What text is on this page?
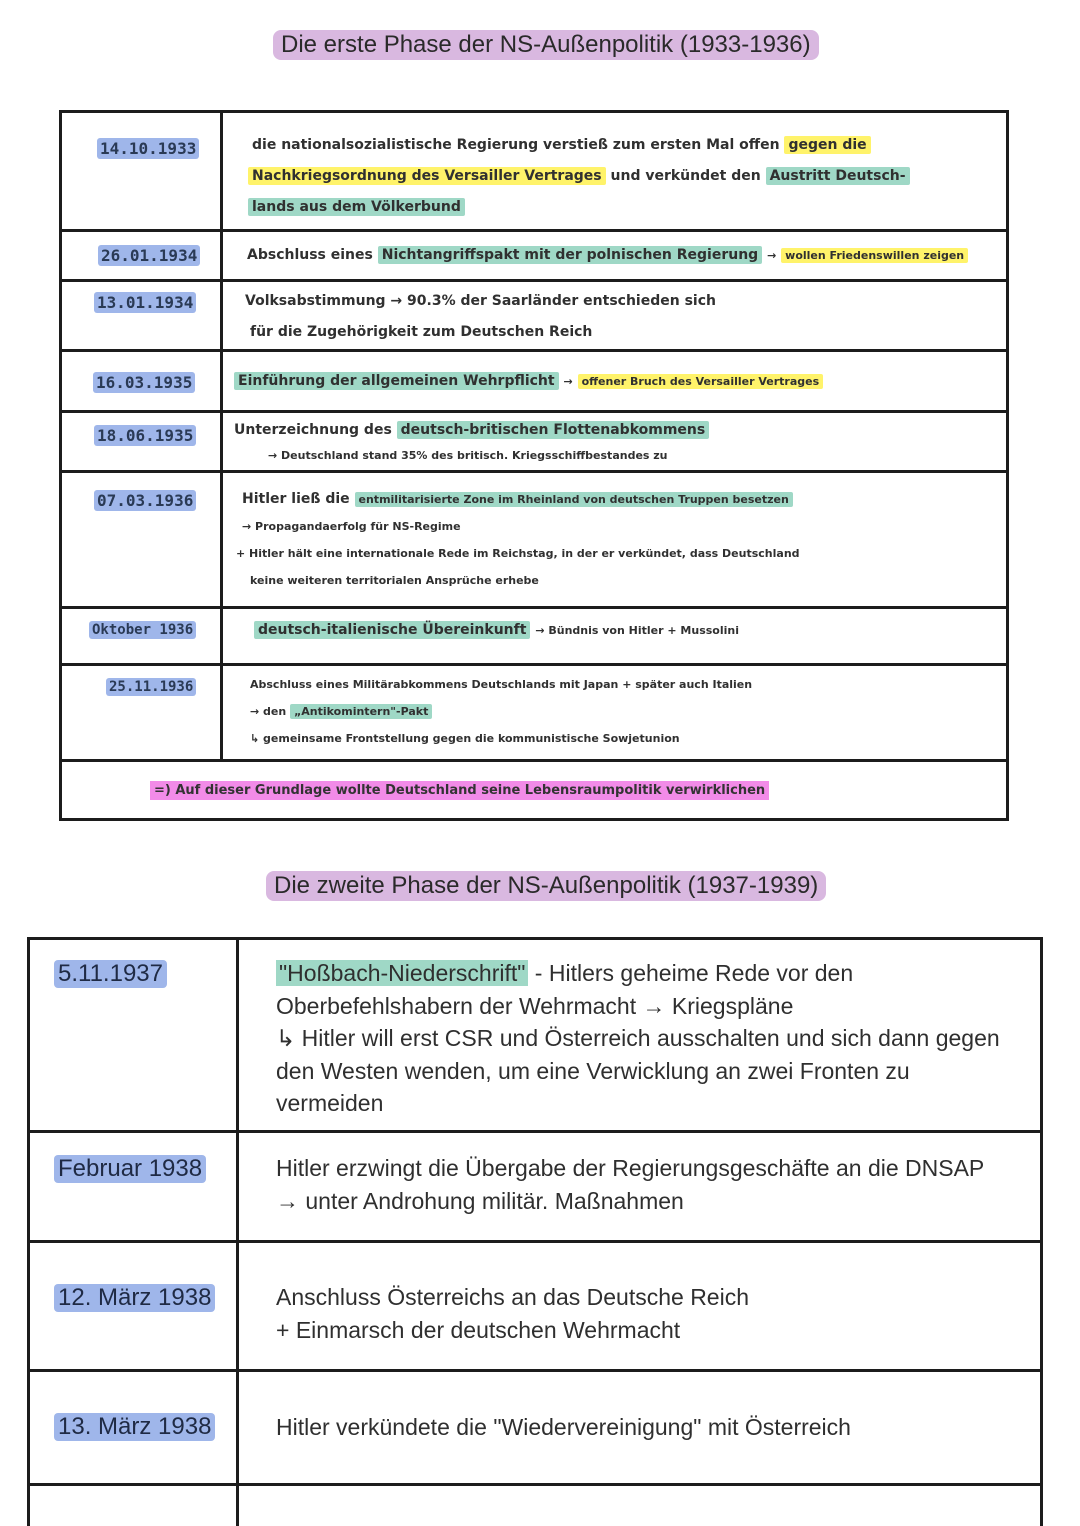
Die erste Phase der NS-Außenpolitik (1933-1936)
14.10.1933	die nationalsozialistische Regierung verstieß zum ersten Mal offen gegen die
Nachkriegsordnung des Versailler Vertrages und verkündet den Austritt Deutsch-
lands aus dem Völkerbund
26.01.1934	Abschluss eines Nichtangriffspakt mit der polnischen Regierung → wollen Friedenswillen zeigen
13.01.1934	Volksabstimmung → 90.3% der Saarländer entschieden sich
für die Zugehörigkeit zum Deutschen Reich
16.03.1935	Einführung der allgemeinen Wehrpflicht → offener Bruch des Versailler Vertrages
18.06.1935	Unterzeichnung des deutsch-britischen Flottenabkommens
→ Deutschland stand 35% des britisch. Kriegsschiffbestandes zu
07.03.1936	Hitler ließ die entmilitarisierte Zone im Rheinland von deutschen Truppen besetzen
→ Propagandaerfolg für NS-Regime
+ Hitler hält eine internationale Rede im Reichstag, in der er verkündet, dass Deutschland
keine weiteren territorialen Ansprüche erhebe
Oktober 1936	deutsch-italienische Übereinkunft → Bündnis von Hitler + Mussolini
25.11.1936	Abschluss eines Militärabkommens Deutschlands mit Japan + später auch Italien
→ den „Antikomintern"-Pakt
↳ gemeinsame Frontstellung gegen die kommunistische Sowjetunion
=) Auf dieser Grundlage wollte Deutschland seine Lebensraumpolitik verwirklichen
Die zweite Phase der NS-Außenpolitik (1937-1939)
5.11.1937	"Hoßbach-Niederschrift" - Hitlers geheime Rede vor den
Oberbefehlshabern der Wehrmacht → Kriegspläne
↳ Hitler will erst CSR und Österreich ausschalten und sich dann gegen
den Westen wenden, um eine Verwicklung an zwei Fronten zu
vermeiden
Februar 1938	Hitler erzwingt die Übergabe der Regierungsgeschäfte an die DNSAP
→ unter Androhung militär. Maßnahmen
12. März 1938	Anschluss Österreichs an das Deutsche Reich
+ Einmarsch der deutschen Wehrmacht
13. März 1938	Hitler verkündete die "Wiedervereinigung" mit Österreich
